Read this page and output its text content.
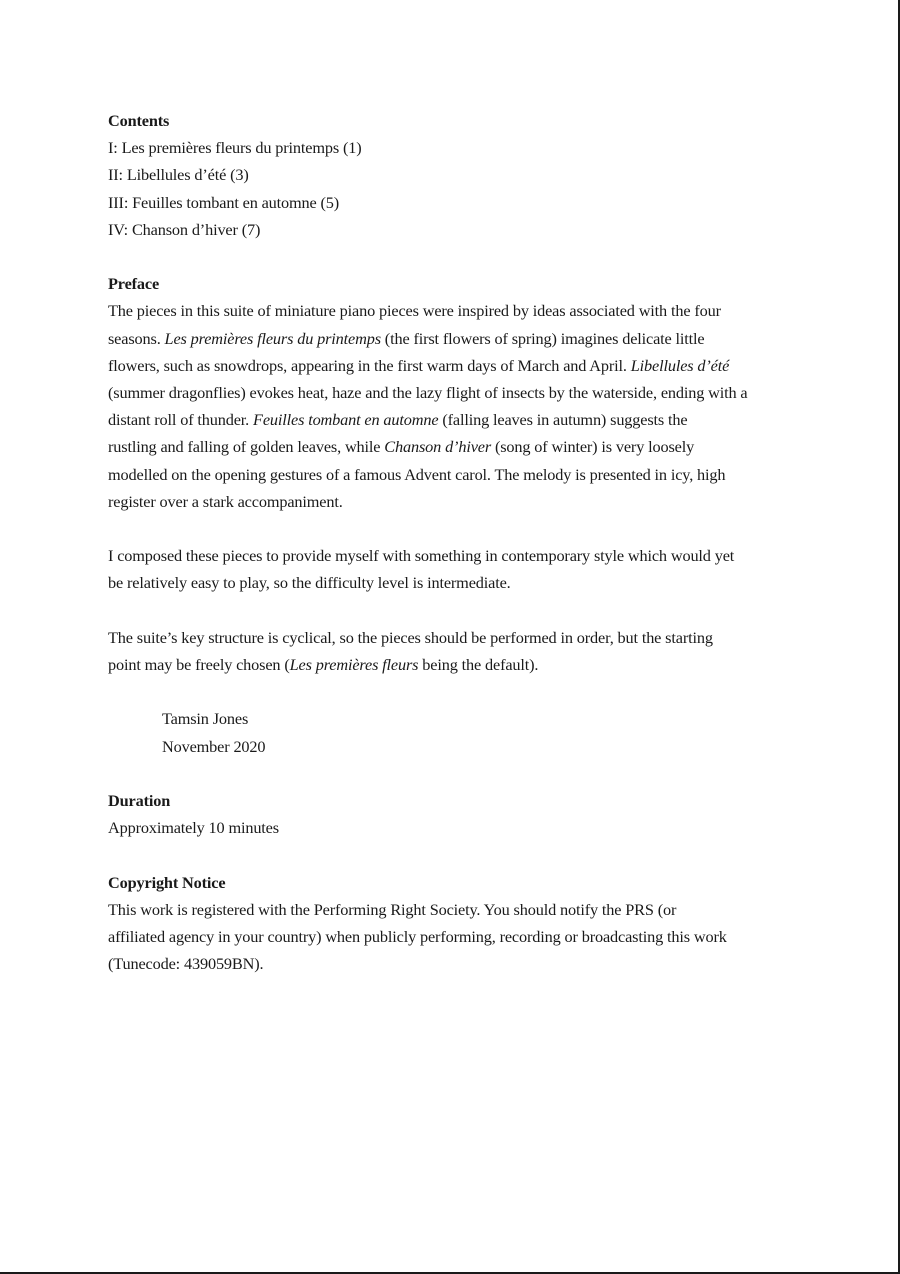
Contents

I: Les premières fleurs du printemps (1)

II: Libellules d’été (3)

III: Feuilles tombant en automne (5)

IV: Chanson d’hiver (7)

Preface

The pieces in this suite of miniature piano pieces were inspired by ideas associated with the four

seasons. Les premières fleurs du printemps (the first flowers of spring) imagines delicate little

flowers, such as snowdrops, appearing in the first warm days of March and April. Libellules d’été

(summer dragonflies) evokes heat, haze and the lazy flight of insects by the waterside, ending with a

distant roll of thunder. Feuilles tombant en automne (falling leaves in autumn) suggests the

rustling and falling of golden leaves, while Chanson d’hiver (song of winter) is very loosely

modelled on the opening gestures of a famous Advent carol. The melody is presented in icy, high

register over a stark accompaniment.

I composed these pieces to provide myself with something in contemporary style which would yet

be relatively easy to play, so the difficulty level is intermediate.

The suite’s key structure is cyclical, so the pieces should be performed in order, but the starting

point may be freely chosen (Les premières fleurs being the default).

Tamsin Jones

November 2020

Duration

Approximately 10 minutes

Copyright Notice

This work is registered with the Performing Right Society. You should notify the PRS (or

affiliated agency in your country) when publicly performing, recording or broadcasting this work

(Tunecode: 439059BN).
